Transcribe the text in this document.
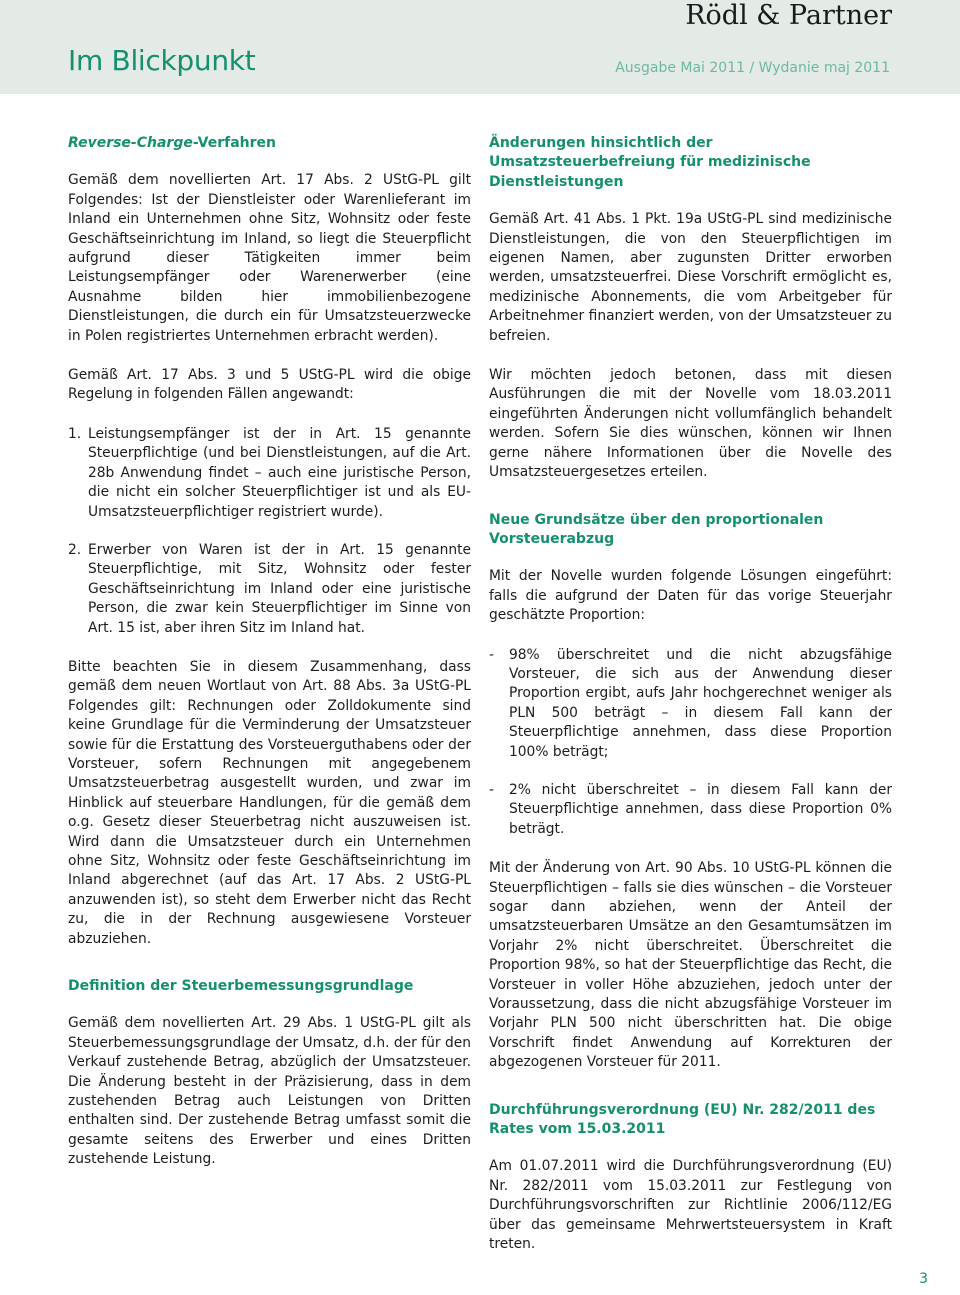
Rödl & Partner
Im Blickpunkt	Ausgabe Mai 2011 / Wydanie maj 2011
Reverse-Charge-Verfahren

Gemäß dem novellierten Art. 17 Abs. 2 UStG-PL gilt Folgendes: Ist der Dienstleister oder Warenlieferant im Inland ein Unternehmen ohne Sitz, Wohnsitz oder feste Geschäftseinrichtung im Inland, so liegt die Steuerpflicht aufgrund dieser Tätigkeiten immer beim Leistungsempfänger oder Warenerwerber (eine Ausnahme bilden hier immobilienbezogene Dienstleistungen, die durch ein für Umsatzsteuerzwecke in Polen registriertes Unternehmen erbracht werden).

Gemäß Art. 17 Abs. 3 und 5 UStG-PL wird die obige Regelung in folgenden Fällen angewandt:

1. Leistungsempfänger ist der in Art. 15 genannte Steuerpflichtige (und bei Dienstleistungen, auf die Art. 28b Anwendung findet – auch eine juristische Person, die nicht ein solcher Steuerpflichtiger ist und als EU-Umsatzsteuerpflichtiger registriert wurde).
2. Erwerber von Waren ist der in Art. 15 genannte Steuerpflichtige, mit Sitz, Wohnsitz oder fester Geschäftseinrichtung im Inland oder eine juristische Person, die zwar kein Steuerpflichtiger im Sinne von Art. 15 ist, aber ihren Sitz im Inland hat.

Bitte beachten Sie in diesem Zusammenhang, dass gemäß dem neuen Wortlaut von Art. 88 Abs. 3a UStG-PL Folgendes gilt: Rechnungen oder Zolldokumente sind keine Grundlage für die Verminderung der Umsatzsteuer sowie für die Erstattung des Vorsteuerguthabens oder der Vorsteuer, sofern Rechnungen mit angegebenem Umsatzsteuerbetrag ausgestellt wurden, und zwar im Hinblick auf steuerbare Handlungen, für die gemäß dem o.g. Gesetz dieser Steuerbetrag nicht auszuweisen ist. Wird dann die Umsatzsteuer durch ein Unternehmen ohne Sitz, Wohnsitz oder feste Geschäftseinrichtung im Inland abgerechnet (auf das Art. 17 Abs. 2 UStG-PL anzuwenden ist), so steht dem Erwerber nicht das Recht zu, die in der Rechnung ausgewiesene Vorsteuer abzuziehen.

Definition der Steuerbemessungsgrundlage

Gemäß dem novellierten Art. 29 Abs. 1 UStG-PL gilt als Steuerbemessungsgrundlage der Umsatz, d.h. der für den Verkauf zustehende Betrag, abzüglich der Umsatzsteuer. Die Änderung besteht in der Präzisierung, dass in dem zustehenden Betrag auch Leistungen von Dritten enthalten sind. Der zustehende Betrag umfasst somit die gesamte seitens des Erwerber und eines Dritten zustehende Leistung.

Änderungen hinsichtlich der Umsatzsteuerbefreiung für medizinische Dienstleistungen

Gemäß Art. 41 Abs. 1 Pkt. 19a UStG-PL sind medizinische Dienstleistungen, die von den Steuerpflichtigen im eigenen Namen, aber zugunsten Dritter erworben werden, umsatzsteuerfrei. Diese Vorschrift ermöglicht es, medizinische Abonnements, die vom Arbeitgeber für Arbeitnehmer finanziert werden, von der Umsatzsteuer zu befreien.

Wir möchten jedoch betonen, dass mit diesen Ausführungen die mit der Novelle vom 18.03.2011 eingeführten Änderungen nicht vollumfänglich behandelt werden. Sofern Sie dies wünschen, können wir Ihnen gerne nähere Informationen über die Novelle des Umsatzsteuergesetzes erteilen.

Neue Grundsätze über den proportionalen Vorsteuerabzug

Mit der Novelle wurden folgende Lösungen eingeführt: falls die aufgrund der Daten für das vorige Steuerjahr geschätzte Proportion:

-	98% überschreitet und die nicht abzugsfähige Vorsteuer, die sich aus der Anwendung dieser Proportion ergibt, aufs Jahr hochgerechnet weniger als PLN 500 beträgt – in diesem Fall kann der Steuerpflichtige annehmen, dass diese Proportion 100% beträgt;
-	2% nicht überschreitet – in diesem Fall kann der Steuerpflichtige annehmen, dass diese Proportion 0% beträgt.

Mit der Änderung von Art. 90 Abs. 10 UStG-PL können die Steuerpflichtigen – falls sie dies wünschen – die Vorsteuer sogar dann abziehen, wenn der Anteil der umsatzsteuerbaren Umsätze an den Gesamtumsätzen im Vorjahr 2% nicht überschreitet. Überschreitet die Proportion 98%, so hat der Steuerpflichtige das Recht, die Vorsteuer in voller Höhe abzuziehen, jedoch unter der Voraussetzung, dass die nicht abzugsfähige Vorsteuer im Vorjahr PLN 500 nicht überschritten hat. Die obige Vorschrift findet Anwendung auf Korrekturen der abgezogenen Vorsteuer für 2011.

Durchführungsverordnung (EU) Nr. 282/2011 des Rates vom 15.03.2011

Am 01.07.2011 wird die Durchführungsverordnung (EU) Nr. 282/2011 vom 15.03.2011 zur Festlegung von Durchführungsvorschriften zur Richtlinie 2006/112/EG über das gemeinsame Mehrwertsteuersystem in Kraft treten.

3
